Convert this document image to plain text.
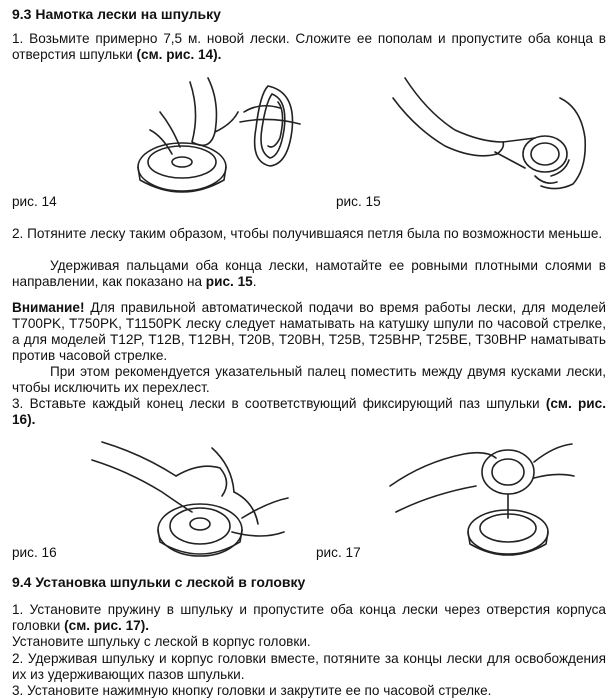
9.3 Намотка лески на шпульку
1. Возьмите примерно 7,5 м. новой лески. Сложите ее пополам и пропустите оба конца в отверстия шпульки (см. рис. 14).
рис. 14	рис. 15
2. Потяните леску таким образом, чтобы получившаяся петля была по возможности меньше.
Удерживая пальцами оба конца лески, намотайте ее ровными плотными слоями в направлении, как показано на рис. 15.
Внимание! Для правильной автоматической подачи во время работы лески, для моделей T700PK, T750PK, T1150PK леску следует наматывать на катушку шпули по часовой стрелке, а для моделей T12P, T12B, T12BH, T20B, T20BH, T25B, T25BHP, T25BE, T30BHP наматывать против часовой стрелке.
При этом рекомендуется указательный палец поместить между двумя кусками лески, чтобы исключить их перехлест.
3. Вставьте каждый конец лески в соответствующий фиксирующий паз шпульки (см. рис. 16).
рис. 16	рис. 17
9.4 Установка шпульки с леской в головку
1. Установите пружину в шпульку и пропустите оба конца лески через отверстия корпуса головки (см. рис. 17).
Установите шпульку с леской в корпус головки.
2. Удерживая шпульку и корпус головки вместе, потяните за концы лески для освобождения их из удерживающих пазов шпульки.
3. Установите нажимную кнопку головки и закрутите ее по часовой стрелке.
